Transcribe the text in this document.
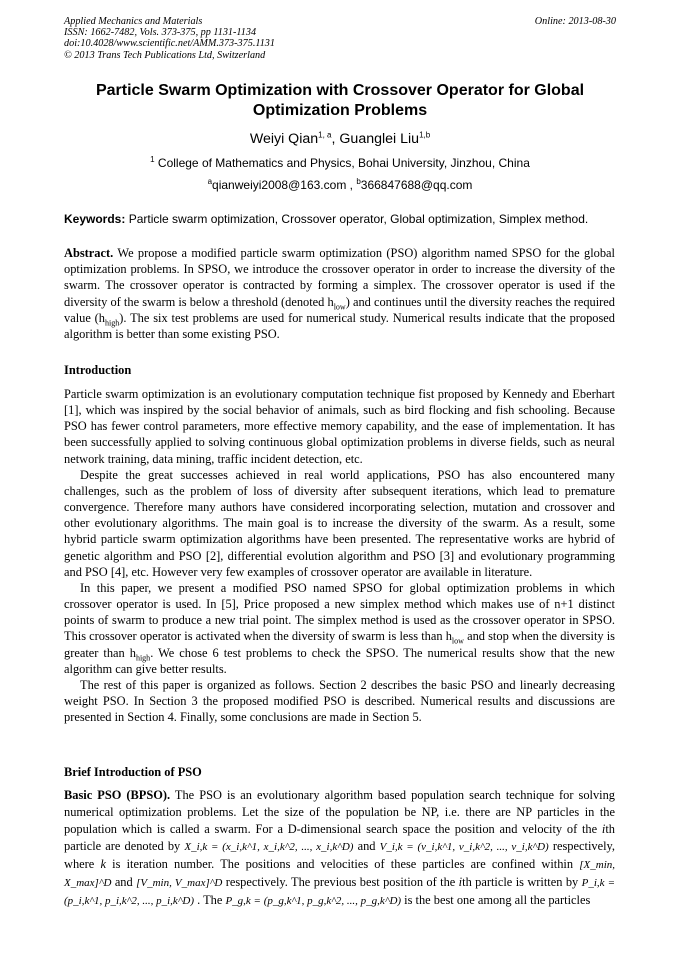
Applied Mechanics and Materials
ISSN: 1662-7482, Vols. 373-375, pp 1131-1134
doi:10.4028/www.scientific.net/AMM.373-375.1131
© 2013 Trans Tech Publications Ltd, Switzerland
Online: 2013-08-30
Particle Swarm Optimization with Crossover Operator for Global
Optimization Problems
Weiyi Qian$^{1, a}$, Guanglei Liu$^{1,b}$
$^1$ College of Mathematics and Physics, Bohai University, Jinzhou, China
$^a$qianweiyi2008@163.com , $^b$366847688@qq.com
Keywords: Particle swarm optimization, Crossover operator, Global optimization, Simplex method.
Abstract. We propose a modified particle swarm optimization (PSO) algorithm named SPSO for the global optimization problems. In SPSO, we introduce the crossover operator in order to increase the diversity of the swarm. The crossover operator is contracted by forming a simplex. The crossover operator is used if the diversity of the swarm is below a threshold (denoted $h_{low}$) and continues until the diversity reaches the required value $(h_{high})$. The six test problems are used for numerical study. Numerical results indicate that the proposed algorithm is better than some existing PSO.
Introduction

Particle swarm optimization is an evolutionary computation technique fist proposed by Kennedy and Eberhart [1], which was inspired by the social behavior of animals, such as bird flocking and fish schooling. Because PSO has fewer control parameters, more effective memory capability, and the ease of implementation. It has been successfully applied to solving continuous global optimization problems in diverse fields, such as neural network training, data mining, traffic incident detection, etc.

Despite the great successes achieved in real world applications, PSO has also encountered many challenges, such as the problem of loss of diversity after subsequent iterations, which lead to premature convergence. Therefore many authors have considered incorporating selection, mutation and crossover and other evolutionary algorithms. The main goal is to increase the diversity of the swarm. As a result, some hybrid particle swarm optimization algorithms have been presented. The representative works are hybrid of genetic algorithm and PSO [2], differential evolution algorithm and PSO [3] and evolutionary programming and PSO [4], etc. However very few examples of crossover operator are available in literature.

In this paper, we present a modified PSO named SPSO for global optimization problems in which crossover operator is used. In [5], Price proposed a new simplex method which makes use of n+1 distinct points of swarm to produce a new trial point. The simplex method is used as the crossover operator in SPSO. This crossover operator is activated when the diversity of swarm is less than $h_{low}$ and stop when the diversity is greater than $h_{high}$. We chose 6 test problems to check the SPSO. The numerical results show that the new algorithm can give better results.

The rest of this paper is organized as follows. Section 2 describes the basic PSO and linearly decreasing weight PSO. In Section 3 the proposed modified PSO is described. Numerical results and discussions are presented in Section 4. Finally, some conclusions are made in Section 5.

Brief Introduction of PSO

Basic PSO (BPSO). The PSO is an evolutionary algorithm based population search technique for solving numerical optimization problems. Let the size of the population be NP, i.e. there are NP particles in the population which is called a swarm. For a D-dimensional search space the position and velocity of the ith particle are denoted by X_i,k = (x_i,k^1, x_i,k^2, ..., x_i,k^D) and V_i,k = (v_i,k^1, v_i,k^2, ..., v_i,k^D) respectively, where k is iteration number. The positions and velocities of these particles are confined within [X_min, X_max]^D and [V_min, V_max]^D respectively. The previous best position of the ith particle is written by P_i,k = (p_i,k^1, p_i,k^2, ..., p_i,k^D) . The P_g,k = (p_g,k^1, p_g,k^2, ..., p_g,k^D) is the best one among all the particles
